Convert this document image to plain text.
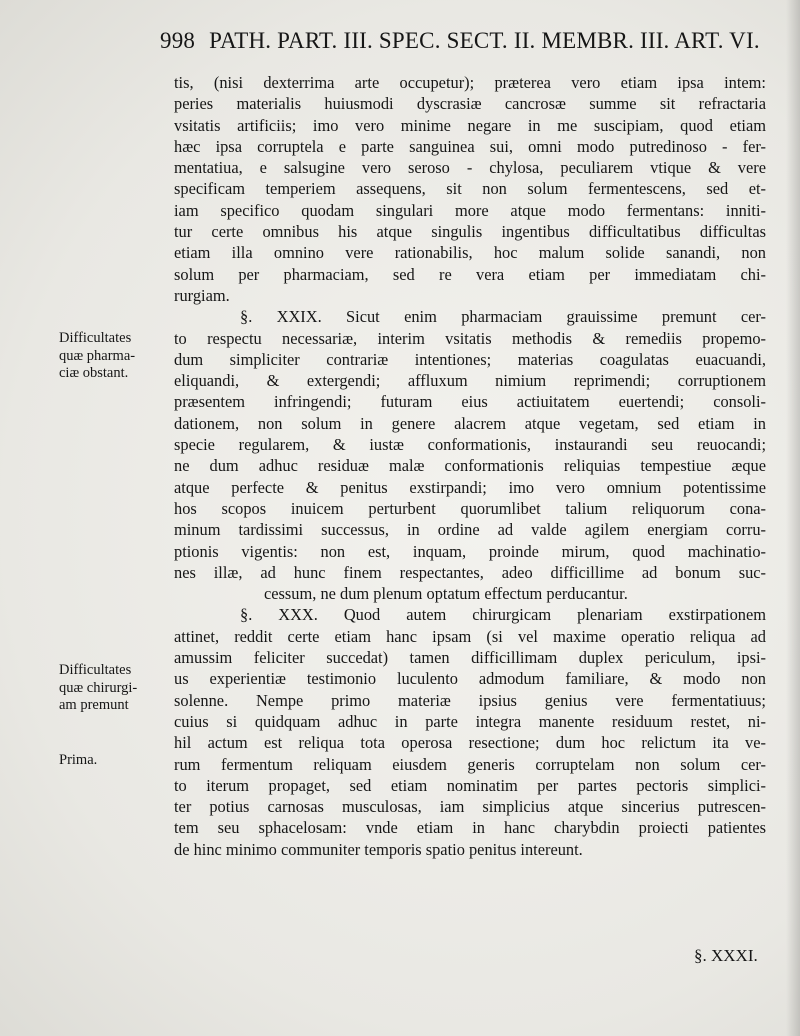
998 PATH. PART. III. SPEC. SECT. II. MEMBR. III. ART. VI.
tis, (nisi dexterrima arte occupetur); præterea vero etiam ipsa intem:
peries materialis huiusmodi dyscrasiæ cancrosæ summe sit refractaria
vsitatis artificiis; imo vero minime negare in me suscipiam, quod etiam
hæc ipsa corruptela e parte sanguinea sui, omni modo putredinoso - fer-
mentatiua, e salsugine vero seroso - chylosa, peculiarem vtique & vere
specificam temperiem assequens, sit non solum fermentescens, sed et-
iam specifico quodam singulari more atque modo fermentans: inniti-
tur certe omnibus his atque singulis ingentibus difficultatibus difficultas
etiam illa omnino vere rationabilis, hoc malum solide sanandi, non
solum per pharmaciam, sed re vera etiam per immediatam chi-
rurgiam.
§. XXIX. Sicut enim pharmaciam grauissime premunt cer-
to respectu necessariæ, interim vsitatis methodis & remediis propemo-
dum simpliciter contrariæ intentiones; materias coagulatas euacuandi,
eliquandi, & extergendi; affluxum nimium reprimendi; corruptionem
præsentem infringendi; futuram eius actiuitatem euertendi; consoli-
dationem, non solum in genere alacrem atque vegetam, sed etiam in
specie regularem, & iustæ conformationis, instaurandi seu reuocandi;
ne dum adhuc residuæ malæ conformationis reliquias tempestiue æque
atque perfecte & penitus exstirpandi; imo vero omnium potentissime
hos scopos inuicem perturbent quorumlibet talium reliquorum cona-
minum tardissimi successus, in ordine ad valde agilem energiam corru-
ptionis vigentis: non est, inquam, proinde mirum, quod machinatio-
nes illæ, ad hunc finem respectantes, adeo difficillime ad bonum suc-
cessum, ne dum plenum optatum effectum perducantur.
§. XXX. Quod autem chirurgicam plenariam exstirpationem
attinet, reddit certe etiam hanc ipsam (si vel maxime operatio reliqua ad
amussim feliciter succedat) tamen difficillimam duplex periculum, ipsi-
us experientiæ testimonio luculento admodum familiare, & modo non
solenne. Nempe primo materiæ ipsius genius vere fermentatiuus;
cuius si quidquam adhuc in parte integra manente residuum restet, ni-
hil actum est reliqua tota operosa resectione; dum hoc relictum ita ve-
rum fermentum reliquam eiusdem generis corruptelam non solum cer-
to iterum propaget, sed etiam nominatim per partes pectoris simplici-
ter potius carnosas musculosas, iam simplicius atque sincerius putrescen-
tem seu sphacelosam: vnde etiam in hanc charybdin proiecti patientes
de hinc minimo communiter temporis spatio penitus intereunt.
Difficultates
quæ pharma-
ciæ obstant.
Difficultates
quæ chirurgi-
am premunt
Prima.
§. XXXI.
